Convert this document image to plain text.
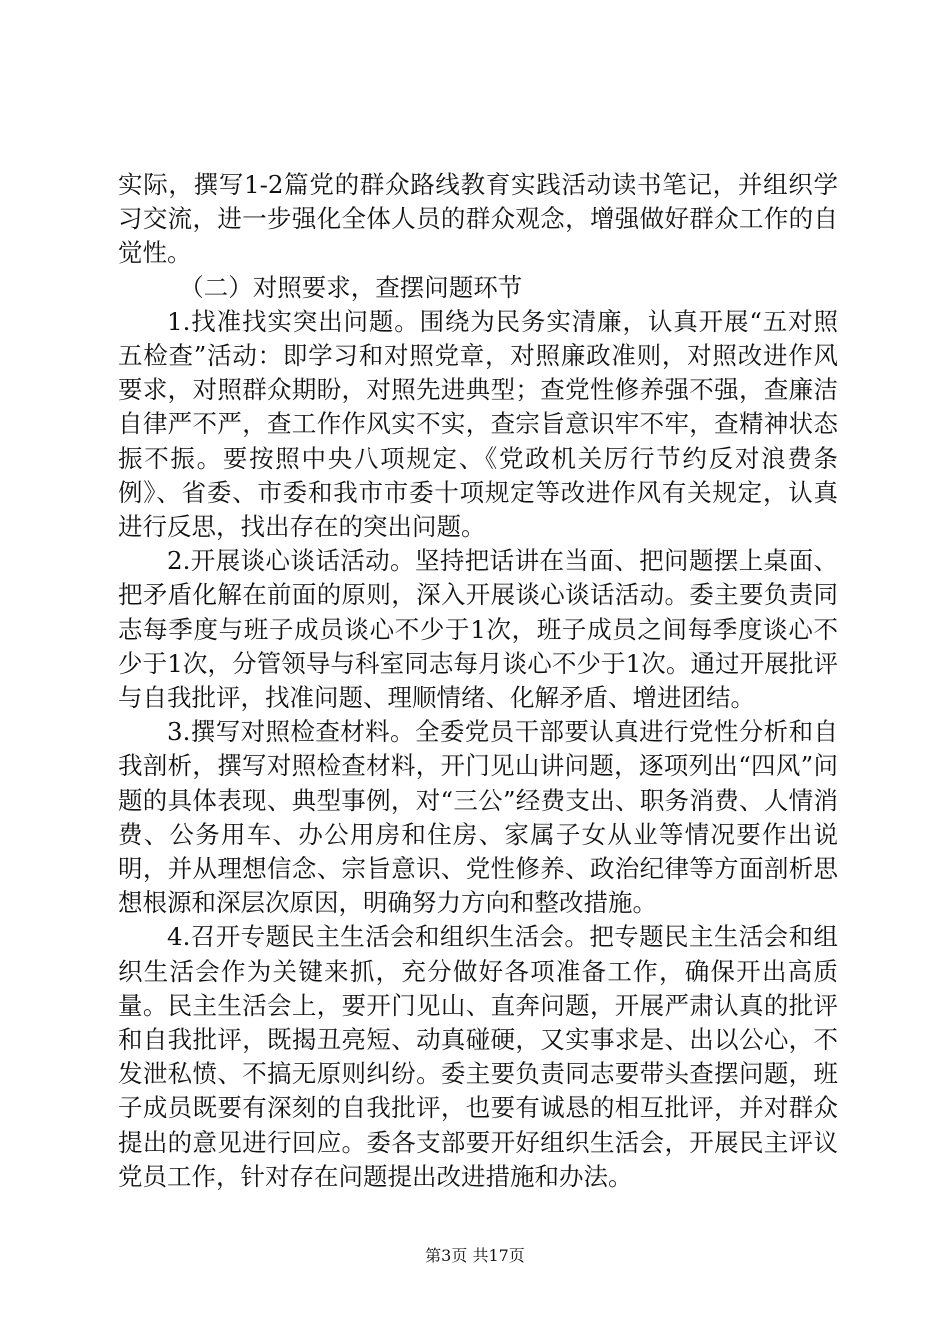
实际，撰写1-2篇党的群众路线教育实践活动读书笔记，并组织学习交流，进一步强化全体人员的群众观念，增强做好群众工作的自觉性。

（二）对照要求，查摆问题环节

1.找准找实突出问题。围绕为民务实清廉，认真开展“五对照五检查”活动：即学习和对照党章，对照廉政准则，对照改进作风要求，对照群众期盼，对照先进典型；查党性修养强不强，查廉洁自律严不严，查工作作风实不实，查宗旨意识牢不牢，查精神状态振不振。要按照中央八项规定、《党政机关厉行节约反对浪费条例》、省委、市委和我市市委十项规定等改进作风有关规定，认真进行反思，找出存在的突出问题。

2.开展谈心谈话活动。坚持把话讲在当面、把问题摆上桌面、把矛盾化解在前面的原则，深入开展谈心谈话活动。委主要负责同志每季度与班子成员谈心不少于1次，班子成员之间每季度谈心不少于1次，分管领导与科室同志每月谈心不少于1次。通过开展批评与自我批评，找准问题、理顺情绪、化解矛盾、增进团结。

3.撰写对照检查材料。全委党员干部要认真进行党性分析和自我剖析，撰写对照检查材料，开门见山讲问题，逐项列出“四风”问题的具体表现、典型事例，对“三公”经费支出、职务消费、人情消费、公务用车、办公用房和住房、家属子女从业等情况要作出说明，并从理想信念、宗旨意识、党性修养、政治纪律等方面剖析思想根源和深层次原因，明确努力方向和整改措施。

4.召开专题民主生活会和组织生活会。把专题民主生活会和组织生活会作为关键来抓，充分做好各项准备工作，确保开出高质量。民主生活会上，要开门见山、直奔问题，开展严肃认真的批评和自我批评，既揭丑亮短、动真碰硬，又实事求是、出以公心，不发泄私愤、不搞无原则纠纷。委主要负责同志要带头查摆问题，班子成员既要有深刻的自我批评，也要有诚恳的相互批评，并对群众提出的意见进行回应。委各支部要开好组织生活会，开展民主评议党员工作，针对存在问题提出改进措施和办法。

第3页 共17页
